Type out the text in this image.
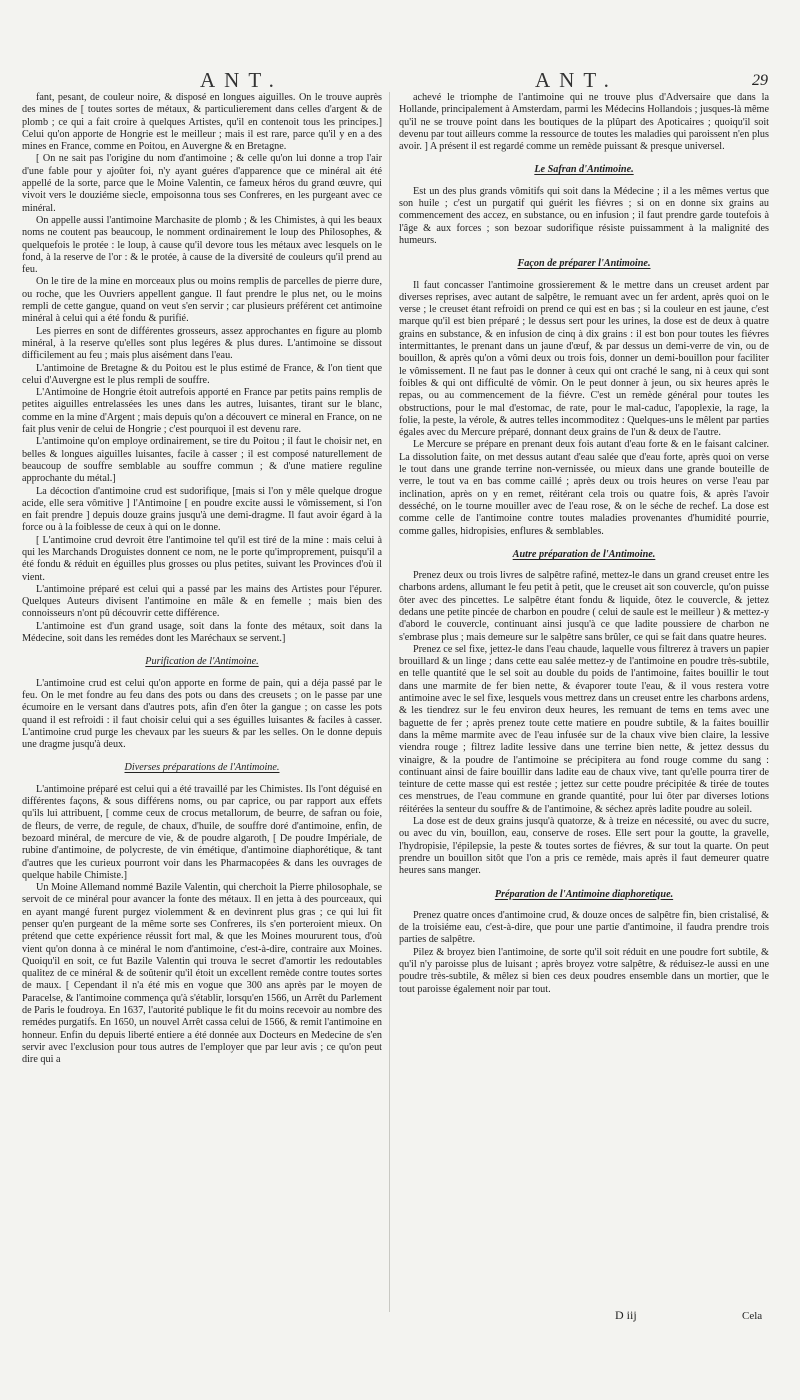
ANT.	ANT.	29

fant, pesant, de couleur noire, & disposé en longues aiguilles. On le trouve auprès des mines de [ toutes sortes de métaux, & particulierement dans celles d'argent & de plomb ; ce qui a fait croire à quelques Artistes, qu'il en contenoit tous les principes.] Celui qu'on apporte de Hongrie est le meilleur ; mais il est rare, parce qu'il y en a des mines en France, comme en Poitou, en Auvergne & en Bretagne.

[ On ne sait pas l'origine du nom d'antimoine ; & celle qu'on lui donne a trop l'air d'une fable pour y ajoûter foi, n'y ayant guéres d'apparence que ce minéral ait été appellé de la sorte, parce que le Moine Valentin, ce fameux héros du grand œuvre, qui vivoit vers le douziéme siecle, empoisonna tous ses Confreres, en les purgeant avec ce minéral.

On appelle aussi l'antimoine Marchasite de plomb ; & les Chimistes, à qui les beaux noms ne coutent pas beaucoup, le nomment ordinairement le loup des Philosophes, & quelquefois le protée : le loup, à cause qu'il devore tous les métaux avec lesquels on le fond, à la reserve de l'or : & le protée, à cause de la diversité de couleurs qu'il prend au feu.

On le tire de la mine en morceaux plus ou moins remplis de parcelles de pierre dure, ou roche, que les Ouvriers appellent gangue. Il faut prendre le plus net, ou le moins rempli de cette gangue, quand on veut s'en servir ; car plusieurs préférent cet antimoine minéral à celui qui a été fondu & purifié.

Les pierres en sont de différentes grosseurs, assez approchantes en figure au plomb minéral, à la reserve qu'elles sont plus legéres & plus dures. L'antimoine se dissout difficilement au feu ; mais plus aisément dans l'eau.

L'antimoine de Bretagne & du Poitou est le plus estimé de France, & l'on tient que celui d'Auvergne est le plus rempli de souffre.

L'Antimoine de Hongrie étoit autrefois apporté en France par petits pains remplis de petites aiguilles entrelassées les unes dans les autres, luisantes, tirant sur le blanc, comme en la mine d'Argent ; mais depuis qu'on a découvert ce mineral en France, on ne fait plus venir de celui de Hongrie ; c'est pourquoi il est devenu rare.

L'antimoine qu'on employe ordinairement, se tire du Poitou ; il faut le choisir net, en belles & longues aiguilles luisantes, facile à casser ; il est composé naturellement de beaucoup de souffre semblable au souffre commun ; & d'une matiere reguline approchante du métal.]

La décoction d'antimoine crud est sudorifique, [mais si l'on y mêle quelque drogue acide, elle sera vômitive ] l'Antimoine [ en poudre excite aussi le vômissement, si l'on en fait prendre ] depuis douze grains jusqu'à une demi-dragme. Il faut avoir égard à la force ou à la foiblesse de ceux à qui on le donne.

[ L'antimoine crud devroit être l'antimoine tel qu'il est tiré de la mine : mais celui à qui les Marchands Droguistes donnent ce nom, ne le porte qu'improprement, puisqu'il a été fondu & réduit en éguilles plus grosses ou plus petites, suivant les Provinces d'où il vient.

L'antimoine préparé est celui qui a passé par les mains des Artistes pour l'épurer. Quelques Auteurs divisent l'antimoine en mâle & en femelle ; mais bien des connoisseurs n'ont pû découvrir cette différence.

L'antimoine est d'un grand usage, soit dans la fonte des métaux, soit dans la Médecine, soit dans les remédes dont les Maréchaux se servent.]

Purification de l'Antimoine.

L'antimoine crud est celui qu'on apporte en forme de pain, qui a déja passé par le feu. On le met fondre au feu dans des pots ou dans des creusets ; on le passe par une écumoire en le versant dans d'autres pots, afin d'en ôter la gangue ; on casse les pots quand il est refroidi : il faut choisir celui qui a ses éguilles luisantes & faciles à casser. L'antimoine crud purge les chevaux par les sueurs & par les selles. On le donne depuis une dragme jusqu'à deux.

Diverses préparations de l'Antimoine.

L'antimoine préparé est celui qui a été travaillé par les Chimistes. Ils l'ont déguisé en différentes façons, & sous différens noms, ou par caprice, ou par rapport aux effets qu'ils lui attribuent, [ comme ceux de crocus metallorum, de beurre, de safran ou foie, de fleurs, de verre, de regule, de chaux, d'huile, de souffre doré d'antimoine, enfin, de bezoard minéral, de mercure de vie, & de poudre algaroth, [ De poudre Impériale, de rubine d'antimoine, de polycreste, de vin émétique, d'antimoine diaphorétique, & tant d'autres que les curieux pourront voir dans les Pharmacopées & dans les ouvrages de quelque habile Chimiste.]

Un Moine Allemand nommé Bazile Valentin, qui cherchoit la Pierre philosophale, se servoit de ce minéral pour avancer la fonte des métaux. Il en jetta à des pourceaux, qui en ayant mangé furent purgez violemment & en devinrent plus gras ; ce qui lui fit penser qu'en purgeant de la même sorte ses Confreres, ils s'en porteroient mieux. On prétend que cette expérience réussit fort mal, & que les Moines moururent tous, d'où vient qu'on donna à ce minéral le nom d'antimoine, c'est-à-dire, contraire aux Moines. Quoiqu'il en soit, ce fut Bazile Valentin qui trouva le secret d'amortir les redoutables qualitez de ce minéral & de soûtenir qu'il étoit un excellent remède contre toutes sortes de maux. [ Cependant il n'a été mis en vogue que 300 ans après par le moyen de Paracelse, & l'antimoine commença qu'à s'établir, lorsqu'en 1566, un Arrêt du Parlement de Paris le foudroya. En 1637, l'autorité publique le fit du moins recevoir au nombre des remédes purgatifs. En 1650, un nouvel Arrêt cassa celui de 1566, & remit l'antimoine en honneur. Enfin du depuis liberté entiere a été donnée aux Docteurs en Medecine de s'en servir avec l'exclusion pour tous autres de l'employer que par leur avis ; ce qu'on peut dire qui a

achevé le triomphe de l'antimoine qui ne trouve plus d'Adversaire que dans la Hollande, principalement à Amsterdam, parmi les Médecins Hollandois ; jusques-là même qu'il ne se trouve point dans les boutiques de la plûpart des Apoticaires ; quoiqu'il soit devenu par tout ailleurs comme la ressource de toutes les maladies qui paroissent n'en plus avoir. ] A présent il est regardé comme un remède puissant & presque universel.

Le Safran d'Antimoine.

Est un des plus grands vômitifs qui soit dans la Médecine ; il a les mêmes vertus que son huile ; c'est un purgatif qui guérit les fiévres ; si on en donne six grains au commencement des accez, en substance, ou en infusion ; il faut prendre garde toutefois à l'âge & aux forces ; son bezoar sudorifique résiste puissamment à la malignité des humeurs.

Façon de préparer l'Antimoine.

Il faut concasser l'antimoine grossierement & le mettre dans un creuset ardent par diverses reprises, avec autant de salpêtre, le remuant avec un fer ardent, après quoi on le verse ; le creuset étant refroidi on prend ce qui est en bas ; si la couleur en est jaune, c'est marque qu'il est bien préparé ; le dessus sert pour les urines, la dose est de deux à quatre grains en substance, & en infusion de cinq à dix grains : il est bon pour toutes les fiévres intermittantes, le prenant dans un jaune d'œuf, & par dessus un demi-verre de vin, ou de bouillon, & après qu'on a vômi deux ou trois fois, donner un demi-bouillon pour faciliter le vômissement. Il ne faut pas le donner à ceux qui ont craché le sang, ni à ceux qui sont foibles & qui ont difficulté de vômir. On le peut donner à jeun, ou six heures après le repas, ou au commencement de la fiévre. C'est un remède général pour toutes les obstructions, pour le mal d'estomac, de rate, pour le mal-caduc, l'apoplexie, la rage, la folie, la peste, la vérole, & autres telles incommoditez : Quelques-uns le mêlent par parties égales avec du Mercure préparé, donnant deux grains de l'un & deux de l'autre.

Le Mercure se prépare en prenant deux fois autant d'eau forte & en le faisant calciner. La dissolution faite, on met dessus autant d'eau salée que d'eau forte, après quoi on verse le tout dans une grande terrine non-vernissée, ou mieux dans une grande bouteille de verre, le tout va en bas comme caillé ; après deux ou trois heures on verse l'eau par inclination, après on y en remet, réitérant cela trois ou quatre fois, & après l'avoir desséché, on le tourne mouiller avec de l'eau rose, & on le séche de rechef. La dose est comme celle de l'antimoine contre toutes maladies provenantes d'humidité pourrie, comme galles, hidropisies, enflures & semblables.

Autre préparation de l'Antimoine.

Prenez deux ou trois livres de salpêtre rafiné, mettez-le dans un grand creuset entre les charbons ardens, allumant le feu petit à petit, que le creuset ait son couvercle, qu'on puisse ôter avec des pincettes. Le salpêtre étant fondu & liquide, ôtez le couvercle, & jettez dedans une petite pincée de charbon en poudre ( celui de saule est le meilleur ) & mettez-y d'abord le couvercle, continuant ainsi jusqu'à ce que ladite poussiere de charbon ne s'embrase plus ; mais demeure sur le salpêtre sans brûler, ce qui se fait dans quatre heures.

Prenez ce sel fixe, jettez-le dans l'eau chaude, laquelle vous filtrerez à travers un papier brouillard & un linge ; dans cette eau salée mettez-y de l'antimoine en poudre très-subtile, en telle quantité que le sel soit au double du poids de l'antimoine, faites bouillir le tout dans une marmite de fer bien nette, & évaporer toute l'eau, & il vous restera votre antimoine avec le sel fixe, lesquels vous mettrez dans un creuset entre les charbons ardens, & les tiendrez sur le feu environ deux heures, les remuant de tems en tems avec une baguette de fer ; après prenez toute cette matiere en poudre subtile, & la faites bouillir dans la même marmite avec de l'eau infusée sur de la chaux vive bien claire, la lessive viendra rouge ; filtrez ladite lessive dans une terrine bien nette, & jettez dessus du vinaigre, & la poudre de l'antimoine se précipitera au fond rouge comme du sang : continuant ainsi de faire bouillir dans ladite eau de chaux vive, tant qu'elle pourra tirer de teinture de cette masse qui est restée ; jettez sur cette poudre précipitée & tirée de toutes ces menstrues, de l'eau commune en grande quantité, pour lui ôter par diverses lotions réitérées la senteur du souffre & de l'antimoine, & séchez après ladite poudre au soleil.

La dose est de deux grains jusqu'à quatorze, & à treize en nécessité, ou avec du sucre, ou avec du vin, bouillon, eau, conserve de roses. Elle sert pour la goutte, la gravelle, l'hydropisie, l'épilepsie, la peste & toutes sortes de fiévres, & sur tout la quarte. On peut prendre un bouillon sitôt que l'on a pris ce remède, mais après il faut demeurer quatre heures sans manger.

Préparation de l'Antimoine diaphoretique.

Prenez quatre onces d'antimoine crud, & douze onces de salpêtre fin, bien cristalisé, & de la troisiéme eau, c'est-à-dire, que pour une partie d'antimoine, il faudra prendre trois parties de salpêtre.

Pilez & broyez bien l'antimoine, de sorte qu'il soit réduit en une poudre fort subtile, & qu'il n'y paroisse plus de luisant ; après broyez votre salpêtre, & réduisez-le aussi en une poudre très-subtile, & mêlez si bien ces deux poudres ensemble dans un mortier, que le tout paroisse également noir par tout.

D iij	Cela
